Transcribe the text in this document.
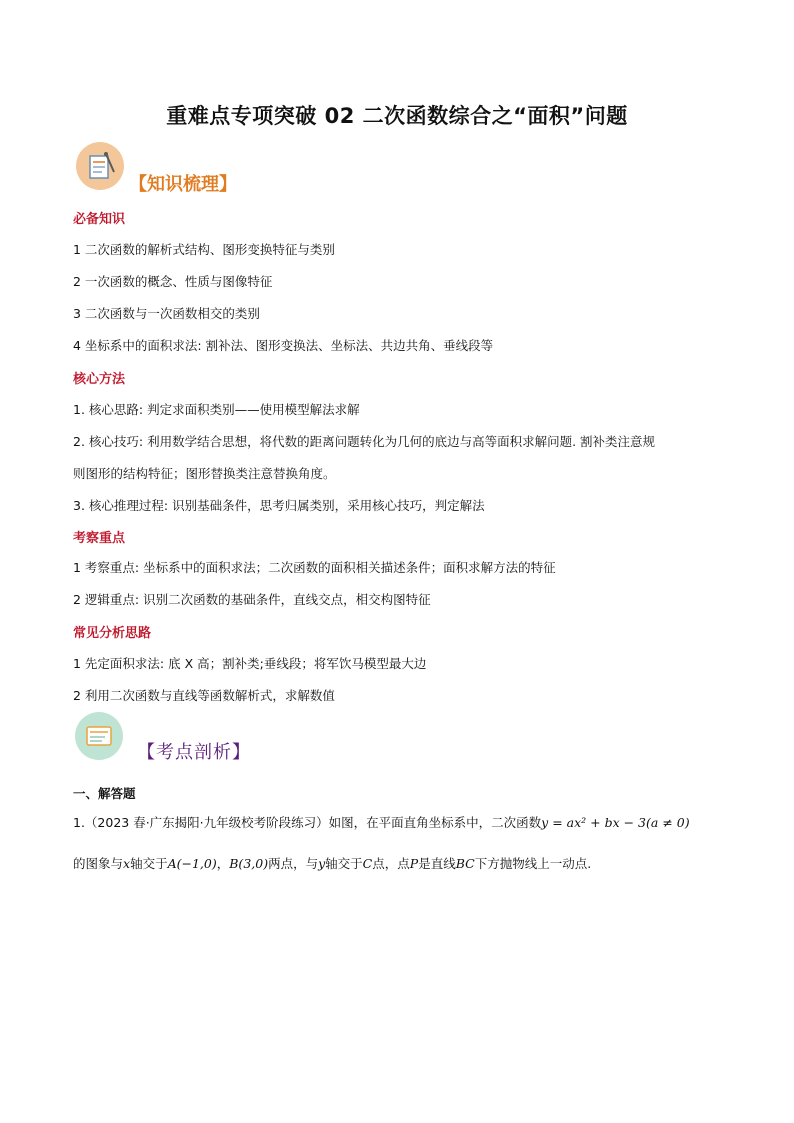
重难点专项突破 02 二次函数综合之“面积”问题
【知识梳理】
必备知识
1 二次函数的解析式结构、图形变换特征与类别
2 一次函数的概念、性质与图像特征
3 二次函数与一次函数相交的类别
4 坐标系中的面积求法: 割补法、图形变换法、坐标法、共边共角、垂线段等
核心方法
1. 核心思路: 判定求面积类别——使用模型解法求解
2. 核心技巧: 利用数学结合思想，将代数的距离问题转化为几何的底边与高等面积求解问题. 割补类注意规
则图形的结构特征；图形替换类注意替换角度。
3. 核心推理过程: 识别基础条件，思考归属类别，采用核心技巧，判定解法
考察重点
1 考察重点: 坐标系中的面积求法；二次函数的面积相关描述条件；面积求解方法的特征
2 逻辑重点: 识别二次函数的基础条件，直线交点，相交构图特征
常见分析思路
1 先定面积求法: 底 X 高；割补类;垂线段；将军饮马模型最大边
2 利用二次函数与直线等函数解析式，求解数值
【考点剖析】
一、解答题
1.（2023 春·广东揭阳·九年级校考阶段练习）如图，在平面直角坐标系中，二次函数y = ax² + bx − 3(a ≠ 0)
的图象与x轴交于A(−1,0)，B(3,0)两点，与y轴交于C点，点P是直线BC下方抛物线上一动点.
